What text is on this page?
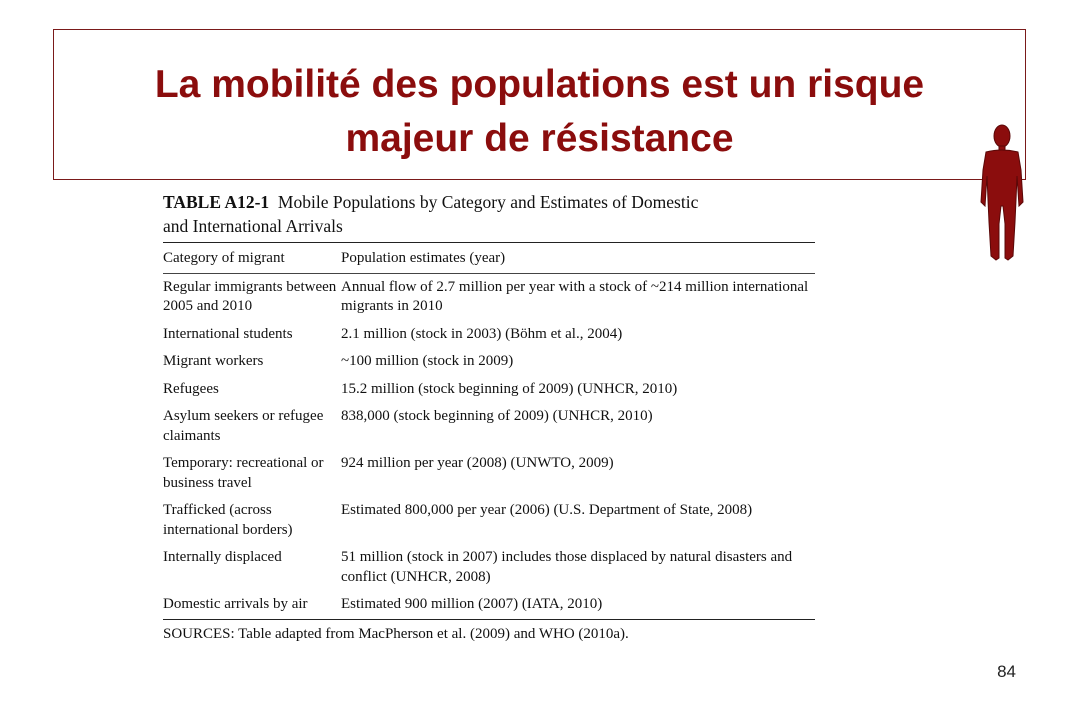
La mobilité des populations est un risque
majeur de résistance
TABLE A12-1 Mobile Populations by Category and Estimates of Domestic
and International Arrivals
Category of migrant	Population estimates (year)
Regular immigrants between 2005 and 2010	Annual flow of 2.7 million per year with a stock of ~214 million international migrants in 2010
International students	2.1 million (stock in 2003) (Böhm et al., 2004)
Migrant workers	~100 million (stock in 2009)
Refugees	15.2 million (stock beginning of 2009) (UNHCR, 2010)
Asylum seekers or refugee claimants	838,000 (stock beginning of 2009) (UNHCR, 2010)
Temporary: recreational or business travel	924 million per year (2008) (UNWTO, 2009)
Trafficked (across international borders)	Estimated 800,000 per year (2006) (U.S. Department of State, 2008)
Internally displaced	51 million (stock in 2007) includes those displaced by natural disasters and conflict (UNHCR, 2008)
Domestic arrivals by air	Estimated 900 million (2007) (IATA, 2010)
SOURCES: Table adapted from MacPherson et al. (2009) and WHO (2010a).
84
